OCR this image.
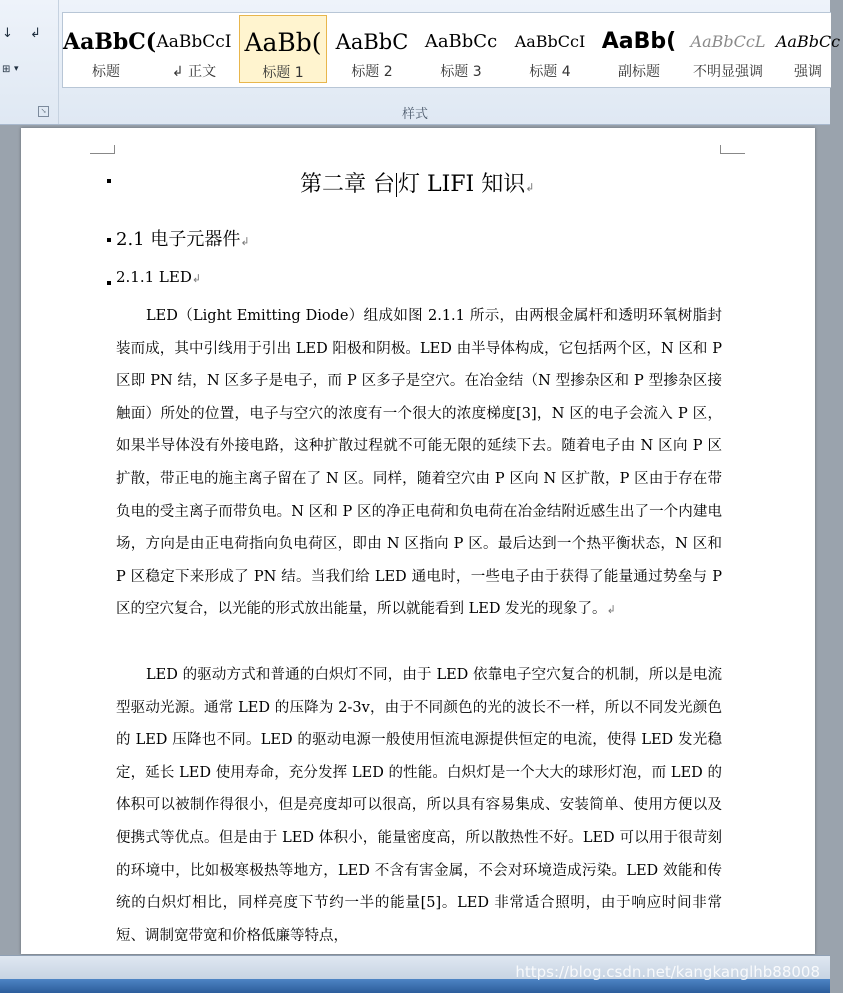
↓ ↲
⊞ ▾
AaBbC(
标题
AaBbCcI
↲ 正文
AaBb(
标题 1
AaBbC
标题 2
AaBbCc
标题 3
AaBbCcI
标题 4
AaBb(
副标题
AaBbCcL
不明显强调
AaBbCc
强调
↘	样式
第二章 台 灯 LIFI 知识↲
2.1 电子元器件↲
2.1.1 LED↲
LED（Light Emitting Diode）组成如图 2.1.1 所示，由两根金属杆和透明环氧树脂封装而成，其中引线用于引出 LED 阳极和阴极。LED 由半导体构成，它包括两个区，N 区和 P 区即 PN 结，N 区多子是电子，而 P 区多子是空穴。在冶金结（N 型掺杂区和 P 型掺杂区接触面）所处的位置，电子与空穴的浓度有一个很大的浓度梯度[3]，N 区的电子会流入 P 区，如果半导体没有外接电路，这种扩散过程就不可能无限的延续下去。随着电子由 N 区向 P 区扩散，带正电的施主离子留在了 N 区。同样，随着空穴由 P 区向 N 区扩散，P 区由于存在带负电的受主离子而带负电。N 区和 P 区的净正电荷和负电荷在冶金结附近感生出了一个内建电场，方向是由正电荷指向负电荷区，即由 N 区指向 P 区。最后达到一个热平衡状态，N 区和 P 区稳定下来形成了 PN 结。当我们给 LED 通电时，一些电子由于获得了能量通过势垒与 P 区的空穴复合，以光能的形式放出能量，所以就能看到 LED 发光的现象了。↲
LED 的驱动方式和普通的白炽灯不同，由于 LED 依靠电子空穴复合的机制，所以是电流型驱动光源。通常 LED 的压降为 2-3v，由于不同颜色的光的波长不一样，所以不同发光颜色的 LED 压降也不同。LED 的驱动电源一般使用恒流电源提供恒定的电流，使得 LED 发光稳定，延长 LED 使用寿命，充分发挥 LED 的性能。白炽灯是一个大大的球形灯泡，而 LED 的体积可以被制作得很小，但是亮度却可以很高，所以具有容易集成、安装简单、使用方便以及便携式等优点。但是由于 LED 体积小，能量密度高，所以散热性不好。LED 可以用于很苛刻的环境中，比如极寒极热等地方，LED 不含有害金属，不会对环境造成污染。LED 效能和传统的白炽灯相比，同样亮度下节约一半的能量[5]。LED 非常适合照明，由于响应时间非常短、调制宽带宽和价格低廉等特点，
https://blog.csdn.net/kangkanglhb88008
